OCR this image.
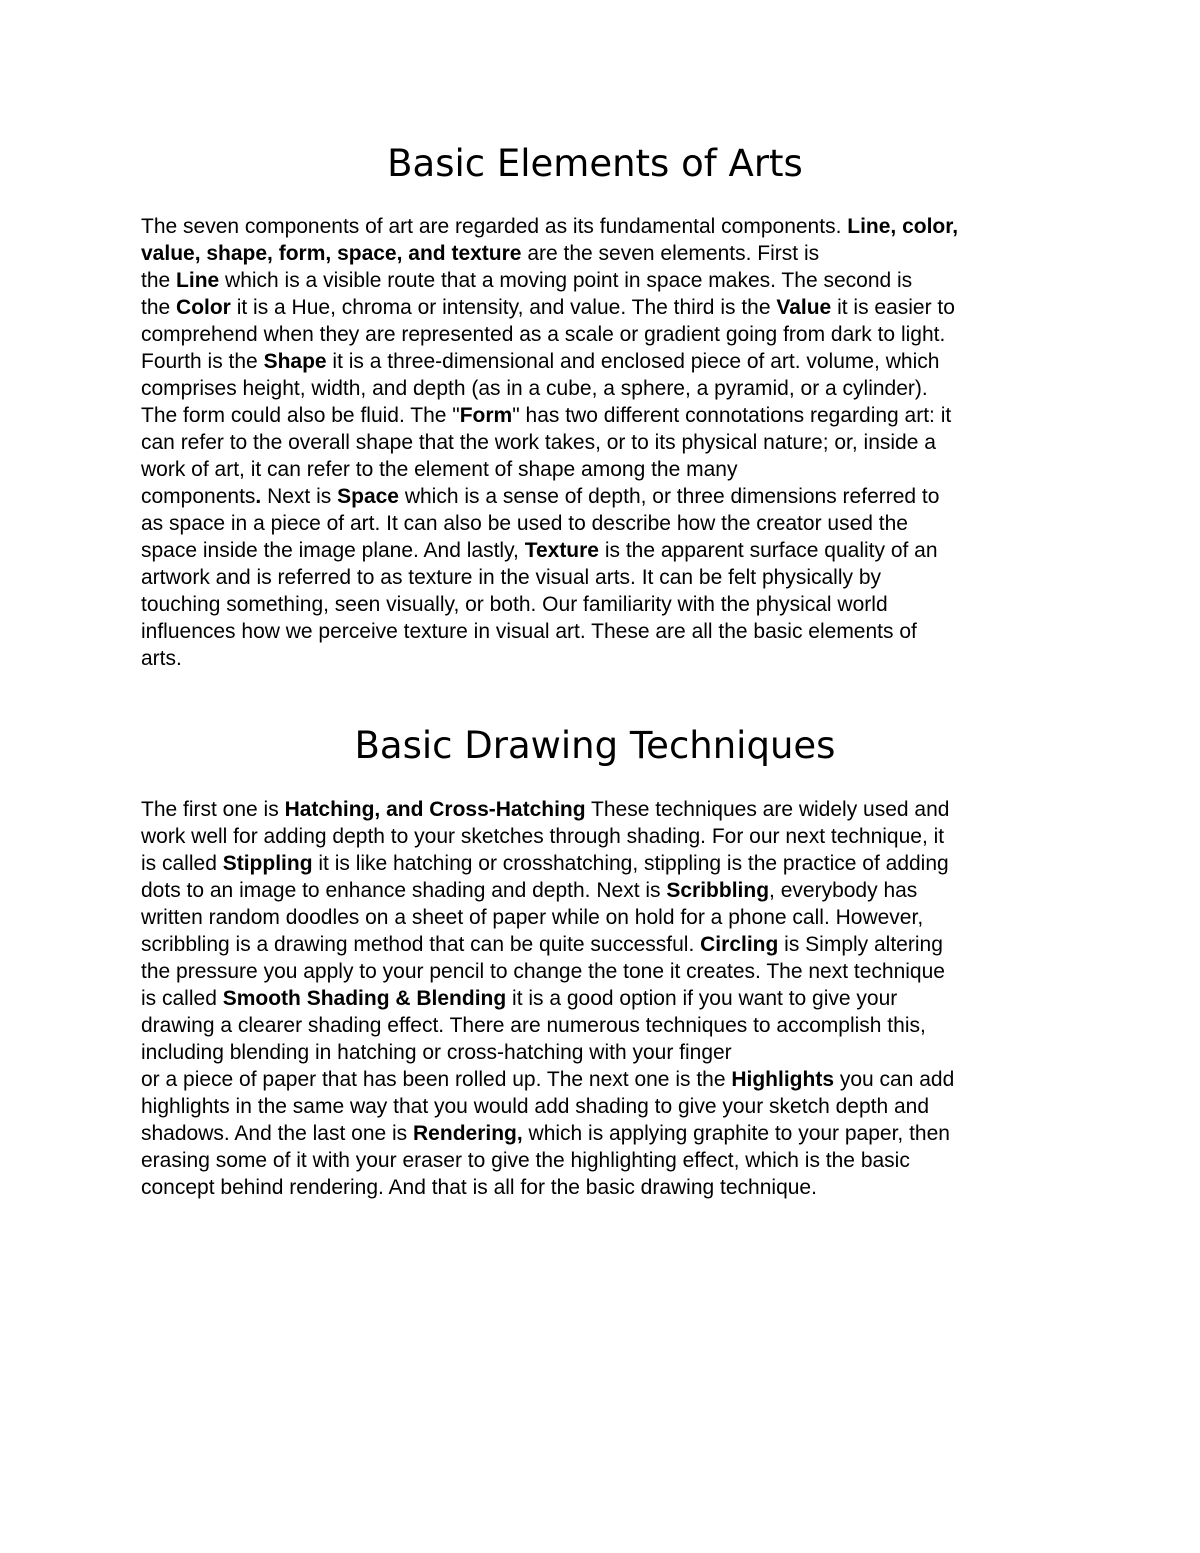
Basic Elements of Arts
The seven components of art are regarded as its fundamental components. Line, color,
value, shape, form, space, and texture are the seven elements. First is
the Line which is a visible route that a moving point in space makes. The second is
the Color it is a Hue, chroma or intensity, and value. The third is the Value it is easier to
comprehend when they are represented as a scale or gradient going from dark to light.
Fourth is the Shape it is a three-dimensional and enclosed piece of art. volume, which
comprises height, width, and depth (as in a cube, a sphere, a pyramid, or a cylinder).
The form could also be fluid. The "Form" has two different connotations regarding art: it
can refer to the overall shape that the work takes, or to its physical nature; or, inside a
work of art, it can refer to the element of shape among the many
components. Next is Space which is a sense of depth, or three dimensions referred to
as space in a piece of art. It can also be used to describe how the creator used the
space inside the image plane. And lastly, Texture is the apparent surface quality of an
artwork and is referred to as texture in the visual arts. It can be felt physically by
touching something, seen visually, or both. Our familiarity with the physical world
influences how we perceive texture in visual art. These are all the basic elements of
arts.
Basic Drawing Techniques
The first one is Hatching, and Cross-Hatching These techniques are widely used and
work well for adding depth to your sketches through shading. For our next technique, it
is called Stippling it is like hatching or crosshatching, stippling is the practice of adding
dots to an image to enhance shading and depth. Next is Scribbling, everybody has
written random doodles on a sheet of paper while on hold for a phone call. However,
scribbling is a drawing method that can be quite successful. Circling is Simply altering
the pressure you apply to your pencil to change the tone it creates. The next technique
is called Smooth Shading & Blending it is a good option if you want to give your
drawing a clearer shading effect. There are numerous techniques to accomplish this,
including blending in hatching or cross-hatching with your finger
or a piece of paper that has been rolled up. The next one is the Highlights you can add
highlights in the same way that you would add shading to give your sketch depth and
shadows. And the last one is Rendering, which is applying graphite to your paper, then
erasing some of it with your eraser to give the highlighting effect, which is the basic
concept behind rendering. And that is all for the basic drawing technique.
